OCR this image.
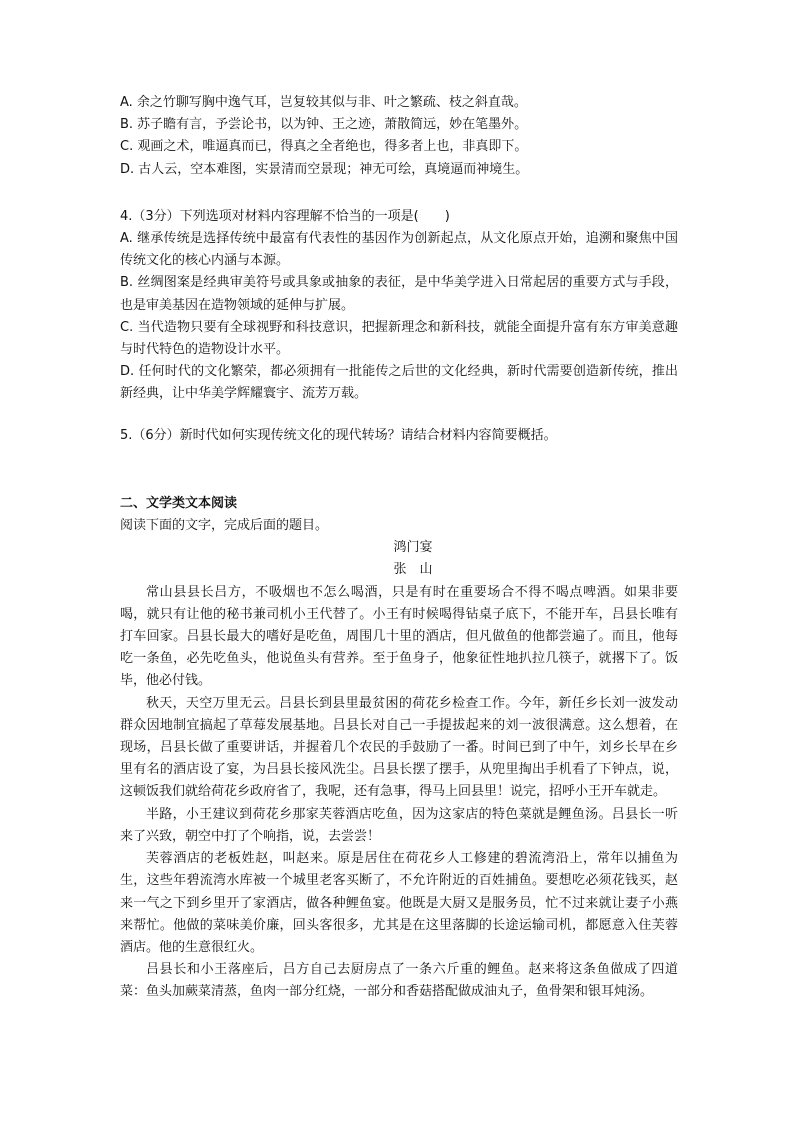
A. 余之竹聊写胸中逸气耳，岂复较其似与非、叶之繁疏、枝之斜直哉。

B. 苏子瞻有言，予尝论书，以为钟、王之迹，萧散简远，妙在笔墨外。

C. 观画之术，唯逼真而已，得真之全者绝也，得多者上也，非真即下。

D. 古人云，空本难图，实景清而空景现；神无可绘，真境逼而神境生。

4.（3分）下列选项对材料内容理解不恰当的一项是(　　)

A. 继承传统是选择传统中最富有代表性的基因作为创新起点，从文化原点开始，追溯和聚焦中国传统文化的核心内涵与本源。

B. 丝绸图案是经典审美符号或具象或抽象的表征，是中华美学进入日常起居的重要方式与手段，也是审美基因在造物领域的延伸与扩展。

C. 当代造物只要有全球视野和科技意识，把握新理念和新科技，就能全面提升富有东方审美意趣与时代特色的造物设计水平。

D. 任何时代的文化繁荣，都必须拥有一批能传之后世的文化经典，新时代需要创造新传统，推出新经典，让中华美学辉耀寰宇、流芳万载。

5.（6分）新时代如何实现传统文化的现代转场？请结合材料内容简要概括。

二、文学类文本阅读

阅读下面的文字，完成后面的题目。

鸿门宴

张　山

常山县县长吕方，不吸烟也不怎么喝酒，只是有时在重要场合不得不喝点啤酒。如果非要喝，就只有让他的秘书兼司机小王代替了。小王有时候喝得钻桌子底下，不能开车，吕县长唯有打车回家。吕县长最大的嗜好是吃鱼，周围几十里的酒店，但凡做鱼的他都尝遍了。而且，他每吃一条鱼，必先吃鱼头，他说鱼头有营养。至于鱼身子，他象征性地扒拉几筷子，就撂下了。饭毕，他必付钱。

秋天，天空万里无云。吕县长到县里最贫困的荷花乡检查工作。今年，新任乡长刘一波发动群众因地制宜搞起了草莓发展基地。吕县长对自己一手提拔起来的刘一波很满意。这么想着，在现场，吕县长做了重要讲话，并握着几个农民的手鼓励了一番。时间已到了中午，刘乡长早在乡里有名的酒店设了宴，为吕县长接风洗尘。吕县长摆了摆手，从兜里掏出手机看了下钟点，说，这顿饭我们就给荷花乡政府省了，我呢，还有急事，得马上回县里！说完，招呼小王开车就走。

半路，小王建议到荷花乡那家芙蓉酒店吃鱼，因为这家店的特色菜就是鲤鱼汤。吕县长一听来了兴致，朝空中打了个响指，说，去尝尝！

芙蓉酒店的老板姓赵，叫赵来。原是居住在荷花乡人工修建的碧流湾沿上，常年以捕鱼为生，这些年碧流湾水库被一个城里老客买断了，不允许附近的百姓捕鱼。要想吃必须花钱买，赵来一气之下到乡里开了家酒店，做各种鲤鱼宴。他既是大厨又是服务员，忙不过来就让妻子小燕来帮忙。他做的菜味美价廉，回头客很多，尤其是在这里落脚的长途运输司机，都愿意入住芙蓉酒店。他的生意很红火。

吕县长和小王落座后，吕方自己去厨房点了一条六斤重的鲤鱼。赵来将这条鱼做成了四道菜：鱼头加蕨菜清蒸，鱼肉一部分红烧，一部分和香菇搭配做成油丸子，鱼骨架和银耳炖汤。
